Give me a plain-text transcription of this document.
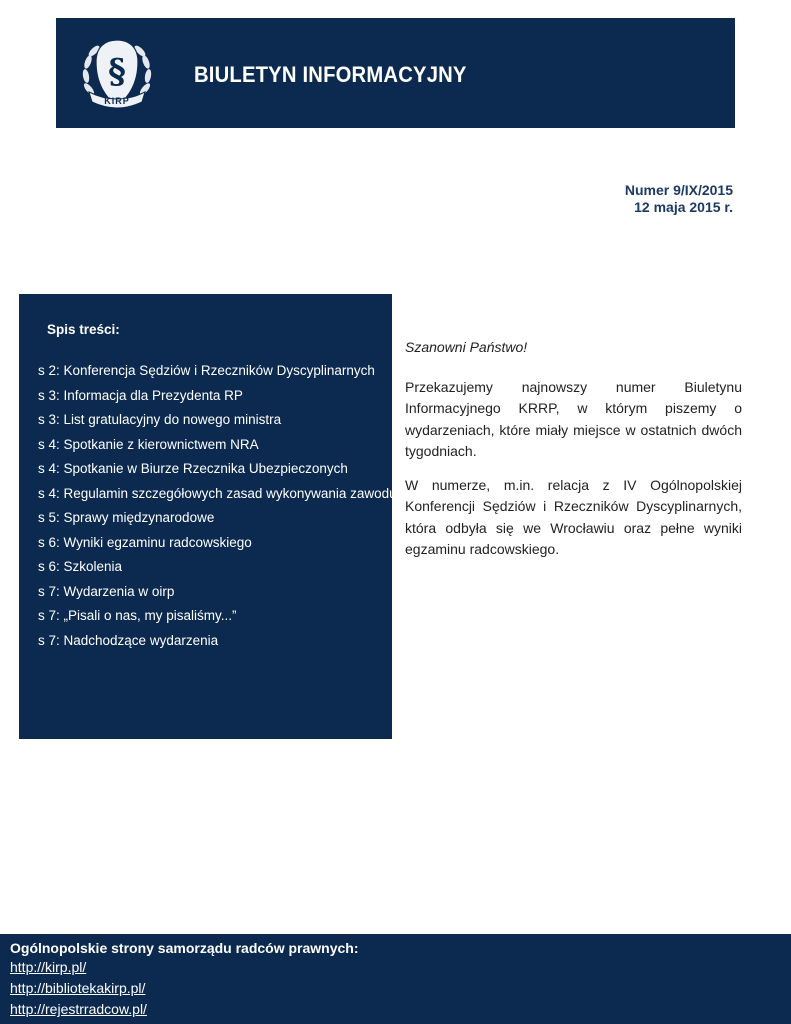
§
KIRP
BIULETYN INFORMACYJNY
Numer 9/IX/2015
12 maja 2015 r.
Spis treści:
s 2: Konferencja Sędziów i Rzeczników Dyscyplinarnych
s 3: Informacja dla Prezydenta RP
s 3: List gratulacyjny do nowego ministra
s 4: Spotkanie z kierownictwem NRA
s 4: Spotkanie w Biurze Rzecznika Ubezpieczonych
s 4: Regulamin szczegółowych zasad wykonywania zawodu
s 5: Sprawy międzynarodowe
s 6: Wyniki egzaminu radcowskiego
s 6: Szkolenia
s 7: Wydarzenia w oirp
s 7: „Pisali o nas, my pisaliśmy...”
s 7: Nadchodzące wydarzenia

Szanowni Państwo!

Przekazujemy najnowszy numer Biuletynu Informacyjnego KRRP, w którym piszemy o wydarzeniach, które miały miejsce w ostatnich dwóch tygodniach.

W numerze, m.in. relacja z IV Ogólnopolskiej Konferencji Sędziów i Rzeczników Dyscyplinarnych, która odbyła się we Wrocławiu oraz pełne wyniki egzaminu radcowskiego.

Ogólnopolskie strony samorządu radców prawnych:
http://kirp.pl/
http://bibliotekakirp.pl/
http://rejestrradcow.pl/
